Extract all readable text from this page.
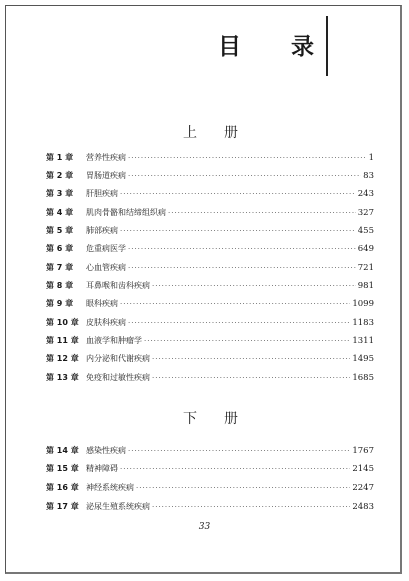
目 录
上 册
第 1 章	营养性疾病 ·····	1
第 2 章	胃肠道疾病 ·····	83
第 3 章	肝胆疾病 ·····	243
第 4 章	肌肉骨骼和结缔组织病 ·····	327
第 5 章	肺部疾病 ·····	455
第 6 章	危重病医学 ·····	649
第 7 章	心血管疾病 ·····	721
第 8 章	耳鼻喉和齿科疾病 ·····	981
第 9 章	眼科疾病 ·····	1099
第 10 章 皮肤科疾病 ·····	1183
第 11 章 血液学和肿瘤学 ·····	1311
第 12 章 内分泌和代谢疾病 ·····	1495
第 13 章 免疫和过敏性疾病 ·····	1685
下 册
第 14 章 感染性疾病 ·····	1767
第 15 章 精神障碍 ·····	2145
第 16 章 神经系统疾病 ·····	2247
第 17 章 泌尿生殖系统疾病 ·····	2483
33
